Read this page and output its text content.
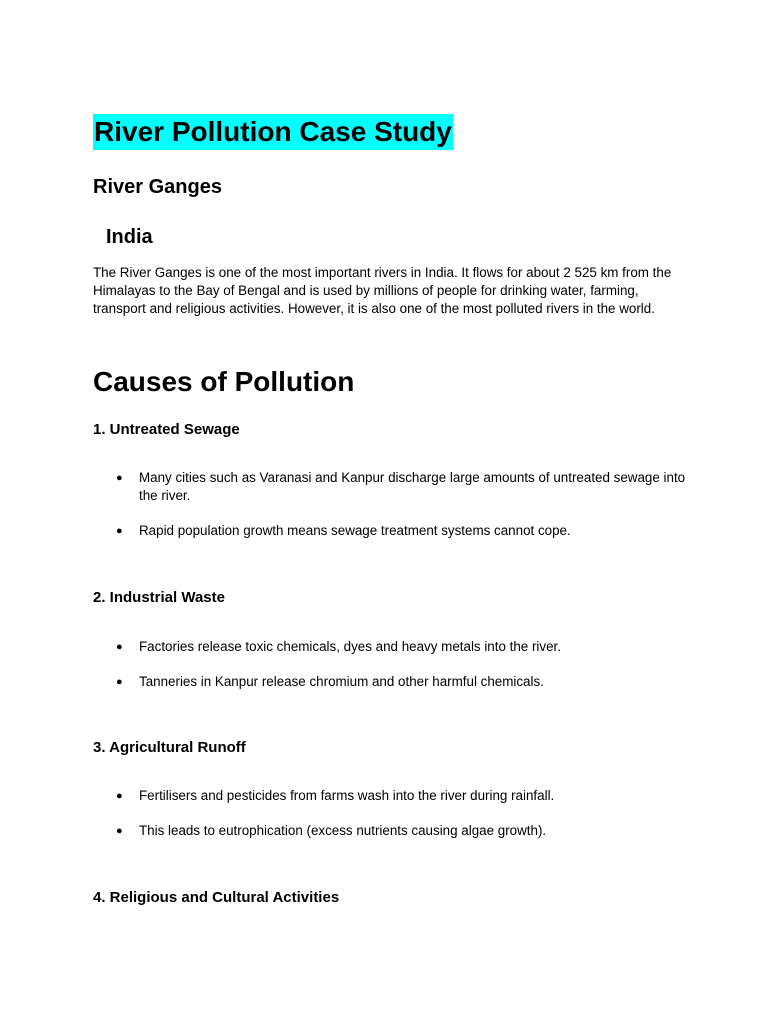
River Pollution Case Study
River Ganges
India

The River Ganges is one of the most important rivers in India. It flows for about 2 525 km from the Himalayas to the Bay of Bengal and is used by millions of people for drinking water, farming, transport and religious activities. However, it is also one of the most polluted rivers in the world.

Causes of Pollution
1. Untreated Sewage
● Many cities such as Varanasi and Kanpur discharge large amounts of untreated sewage into the river.
● Rapid population growth means sewage treatment systems cannot cope.
2. Industrial Waste
● Factories release toxic chemicals, dyes and heavy metals into the river.
● Tanneries in Kanpur release chromium and other harmful chemicals.
3. Agricultural Runoff
● Fertilisers and pesticides from farms wash into the river during rainfall.
● This leads to eutrophication (excess nutrients causing algae growth).
4. Religious and Cultural Activities
